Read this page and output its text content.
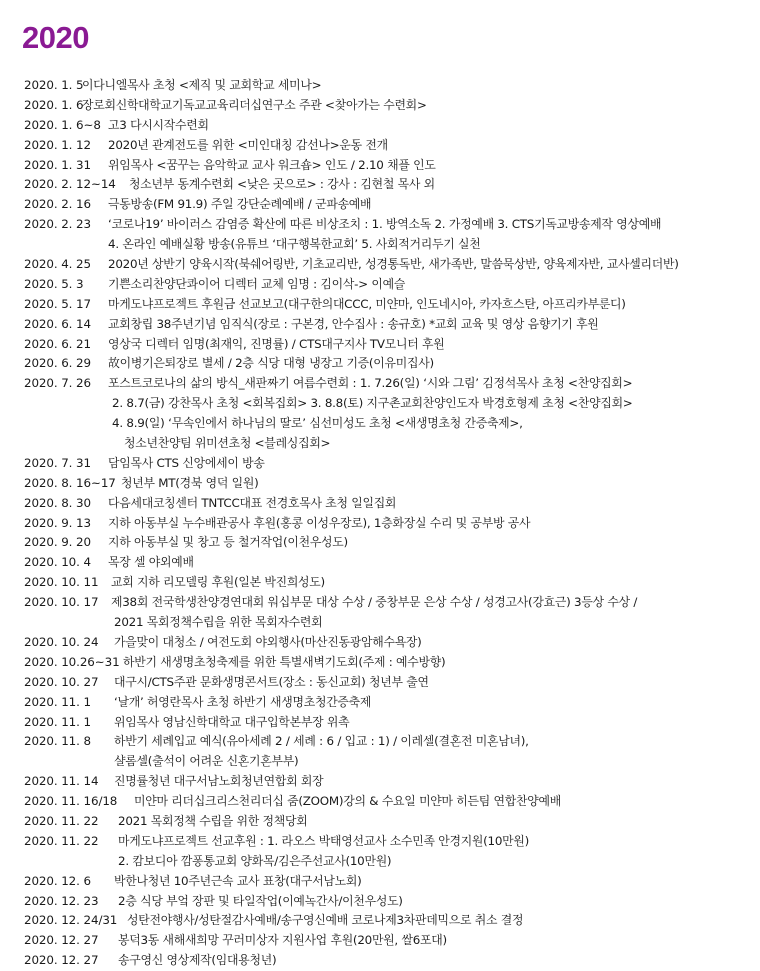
2020
2020. 1. 5
이다니엘목사 초청 <제직 및 교회학교 세미나>
2020. 1. 6
장로회신학대학교기독교교육리더십연구소 주관 <찾아가는 수련회>
2020. 1. 6~8 고3 다시시작수련회
2020. 1. 12 2020년 관계전도를 위한 <미인대칭 감선나>운동 전개
2020. 1. 31 위임목사 <꿈꾸는 음악학교 교사 워크숍> 인도 / 2.10 채플 인도
2020. 2. 12~14 청소년부 동계수련회 <낮은 곳으로> : 강사 : 김현철 목사 외
2020. 2. 16 극동방송(FM 91.9) 주일 강단순례예배 / 군파송예배
2020. 2. 23 ‘코로나19’ 바이러스 감염증 확산에 따른 비상조치 : 1. 방역소독 2. 가정예배 3. CTS기독교방송제작 영상예배
4. 온라인 예배실황 방송(유튜브 ‘대구행복한교회’ 5. 사회적거리두기 실천
2020. 4. 25 2020년 상반기 양육시작(북쉐어링반, 기초교리반, 성경통독반, 새가족반, 말씀묵상반, 양육제자반, 교사셀리더반)
2020. 5. 3 기쁜소리찬양단콰이어 디렉터 교체 임명 : 김이삭-> 이예슬
2020. 5. 17 마게도냐프로젝트 후원금 선교보고(대구한의대CCC, 미얀마, 인도네시아, 카자흐스탄, 아프리카부룬디)
2020. 6. 14 교회창립 38주년기념 임직식(장로 : 구본경, 안수집사 : 송규호) *교회 교육 및 영상 음향기기 후원
2020. 6. 21 영상국 디렉터 임명(최재익, 진명률) / CTS대구지사 TV모니터 후원
2020. 6. 29 故이병기은퇴장로 별세 / 2층 식당 대형 냉장고 기증(이유미집사)
2020. 7. 26 포스트코로나의 삶의 방식_새판짜기 여름수련회 : 1. 7.26(일) ‘시와 그림’ 김정석목사 초청 <찬양집회>
2. 8.7(금) 강찬목사 초청 <회복집회> 3. 8.8(토) 지구촌교회찬양인도자 박경호형제 초청 <찬양집회>
4. 8.9(일) ‘무속인에서 하나님의 딸로’ 심선미성도 초청 <새생명초청 간증축제>,
청소년찬양팀 위미션초청 <블레싱집회>
2020. 7. 31 담임목사 CTS 신앙에세이 방송
2020. 8. 16~17 청년부 MT(경북 영덕 일원)
2020. 8. 30 다음세대코칭센터 TNTCC대표 전경호목사 초청 일일집회
2020. 9. 13 지하 아동부실 누수배관공사 후원(홍콩 이성우장로), 1층화장실 수리 및 공부방 공사
2020. 9. 20 지하 아동부실 및 창고 등 철거작업(이천우성도)
2020. 10. 4 목장 셀 야외예배
2020. 10. 11 교회 지하 리모델링 후원(일본 박진희성도)
2020. 10. 17 제38회 전국학생찬양경연대회 워십부문 대상 수상 / 중창부문 은상 수상 / 성경고사(강효근) 3등상 수상 /
2021 목회정책수립을 위한 목회자수련회
2020. 10. 24 가을맞이 대청소 / 여전도회 야외행사(마산진동광암해수욕장)
2020. 10.26~31 하반기 새생명초청축제를 위한 특별새벽기도회(주제 : 예수방향)
2020. 10. 27 대구시/CTS주관 문화생명콘서트(장소 : 동신교회) 청년부 출연
2020. 11. 1 ‘날개’ 허영란목사 초청 하반기 새생명초청간증축제
2020. 11. 1 위임목사 영남신학대학교 대구입학본부장 위촉
2020. 11. 8 하반기 세례입교 예식(유아세례 2 / 세례 : 6 / 입교 : 1) / 이레셀(결혼전 미혼남녀),
샬롬셀(출석이 어려운 신혼기혼부부)
2020. 11. 14 진명률청년 대구서남노회청년연합회 회장
2020. 11. 16/18 미얀마 리더십크리스천리더십 줌(ZOOM)강의 & 수요일 미얀마 히든팀 연합찬양예배
2020. 11. 22 2021 목회정책 수립을 위한 정책당회
2020. 11. 22 마게도냐프로젝트 선교후원 : 1. 라오스 박태영선교사 소수민족 안경지원(10만원)
2. 캄보디아 깜퐁통교회 양화목/김은주선교사(10만원)
2020. 12. 6 박한나청년 10주년근속 교사 표창(대구서남노회)
2020. 12. 23 2층 식당 부엌 장판 및 타일작업(이예녹간사/이천우성도)
2020. 12. 24/31 성탄전야행사/성탄절감사예배/송구영신예배 코로나제3차판데믹으로 취소 결정
2020. 12. 27 봉덕3동 새해새희망 꾸러미상자 지원사업 후원(20만원, 쌀6포대)
2020. 12. 27 송구영신 영상제작(임대용청년)
